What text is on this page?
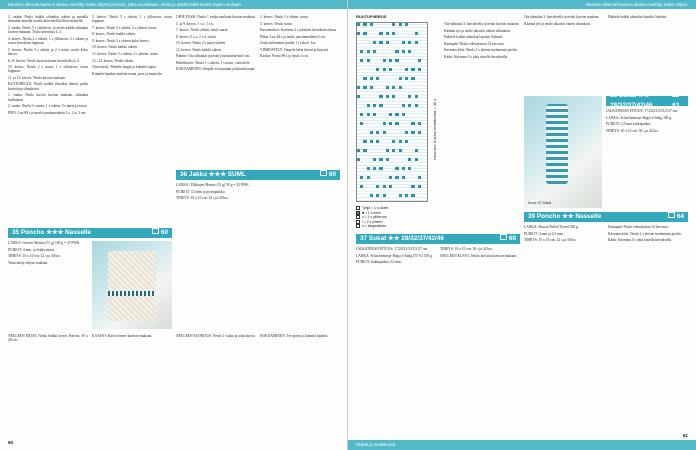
Neuleen alimmat kaavion aloitus merkitty: katso ohjeet ja kuviot, jotka suoritetaan. Aloita ja päätä kaikki kuviot ohjeen mukaan.

2. vaaka: Neulo kaikki silmukat oikein ja nostalla silmukat samalla tavalla kuin edellisellä kerroksella.

3. vaaka: Neulo 5 s ylikierros, ja neulo kaikki silmukat kuvion mukaan. Toista kerroksia 1–3.

4. kerros: Neulo 2 s oikein, 1 s ylikierros, 2 s oikein ja toista kerroksen loppuun.

5. kerros: Neulo 3 s oikein ja 2 s nurin, neulo koko kerros.

6.–8. kerros: Neulo kuviota kuten kerroksilla 4–5.

10. kerros: Neulo 2 s nurin, 1 s ylikierros, toista loppuun.

11. ja 12. kerros: Neulo kuvion mukaan.

KUVIONEULE: Neulo kaikki silmukat oikein, paitsi kuvioituja silmukoita.

1. vaaka: Neulo kuviot kuvion mukaan, silmukat luiskataan.

2. vaaka: Neulo 5 s nurin, 1 s oikein, 5 s nurin ja toista.

PIPO: Luo 88 s ja neulo joustinneuletta 2 o, 2 n, 5 cm.

5. kerros: Neulo 5 s oikein, 1 s ylikierros, toista loppuun.

7. kerros: Neulo 3 s oikein, 2 s yhteen, toista.

8. kerros: Neulo kaikki oikein.

9. kerros: Neulo 2 s yhteen koko kerros.

10. kerros: Neulo kaikki oikein.

11. kerros: Neulo 3 s oikein, 2 s yhteen, toista.

12.–14. kerros: Neulo oikein.

Viimeistely: Päättele langat ja kiinnitä tupsu.

Kiinnitä lopuksi neuleen reuna, pese ja muotoile.

OHJE PUSSI: Neulo 1 vaaka neulonta kuvion mukaan.

5. ja 9. kerros: 1 s o, 1 s n.

7. kerros: Neulo oikein, neulo nurin.

8. kerros: 6 s o, 2 s n, toista.

10. kerros: Neulo 2 s nurin yhteen.

12. kerros: Neulo kaikki oikein.

Pääntie: Ota silmukat ja neulo joustinneuletta 6 cm.

Helmikuvio: Neulo 1 s oikein, 1 s nurin, vuorottele.

KOKOAMINEN: Ompele sivusaumat ja kiinnitä napit.

2. kerros: Neulo 1 s oikein, toista.

3. kerros: Neulo nurin.

Kavennukset: Kavenna 2 s jokaisen kerroksen alussa.

Hihat: Luo 44 s ja neulo joustinneuletta 6 cm.

Lisää molemmin puolin 1 s joka 6. krs.

VIIMEISTELY: Ompele hihat kiinni ja höyrytä.

Kaulus: Poimi 96 s ja neulo 4 cm.

35 Poncho ★★★ Nasselle	60

LANKA: Greven Merino (51 g) 100 g = 47 PWK.

PUIKOT: 4 mm, ja lisäksi muut.

TIHEYS: 10 x 10 cm: 22 s ja 30 krs.

Viimeistely ohjeen mukaan.

36 Jakku ★★★ SUML	60

LANKA: Tilkkujen Merino (51 g) 50 g = 25 PWK.

PUIKOT: 3,5 mm ja pyöröpuikko.

TIHEYS: 10 x 10 cm: 22 s ja 30 krs.

NEULEEN MITAT: Neulo lenkki kerros Poncho, 50 x 28 cm.

KAAVIO: Kuvio etenee kaavion mukaan.	NEULEEN SUORITUS: Neulo 1 vaaka ja toista kuvio. KOKOAMINEN: Tee ponsi ja kiinnitä lopuksi.

60
Neuleen alimmat kaavion aloitus merkitty: katso ohjeet.
RUUTUPIIRROS
Huomioi: Kuvion keskikohta = 40 s
Tyhjä = 1 s oikein
■ = 1 s nurin
x = 1 s ylikierros
/ = 2 s yhteen
o = langankierto
37 Sukat ★★ 28/32/37/42/46	60

JALKATERÄN PITUUS: 17/20/23,5/25,5/27 cm.

LANKA: Schachenmayr Regia 4-fädig (75 %) 100 g.

PUIKOT: Sukkapuikot 2,5 mm.

TIHEYS: 10 x 10 cm: 30 s ja 42 krs.

NEULEEN KUVIO: Neulo kuviota kaavion mukaan.

Ota silmukat 3. kerroksella ja neulo kuvion mukaan.

Käännä työ ja neulo takaisin oikein silmukoin.

Päättele kaikki silmukat lopuksi löyhästi.

Kantapää: Neulo edestakaisin 32 kerrosta.

Kavenna kiila: Neulo 2 s yhteen molemmin puolin.

Kärki: Kavenna 4 s joka toisella kerroksella.

Ota silmukat 3. kerroksella ja neulo kuvion mukaan.

Käännä työ ja neulo takaisin oikein silmukoin.

Päättele kaikki silmukat lopuksi löyhästi.

38 Sukat ★★ 28/32/37/42/46	63

JALKATERÄN PITUUS: 17/20/23,5/25,5/27 cm.

LANKA: Schachenmayr Regia 4-fädig 100 g.

PUIKOT: 2,5 mm sukkapuikot.

TIHEYS: 10 x 10 cm: 30 s ja 42 krs.

Kuva: 37 Sukat
39 Poncho ★★ Nasselle	64

LANKA: Rowan Felted Tweed 200 g.

PUIKOT: 4 mm ja 3,5 mm.

TIHEYS: 10 x 10 cm: 22 s ja 30 krs.

Kantapää: Neulo edestakaisin 32 kerrosta.

Kavenna kiila: Neulo 2 s yhteen molemmin puolin.

Kärki: Kavenna 4 s joka toisella kerroksella.

Ohjeet ja neulekuviot
61
